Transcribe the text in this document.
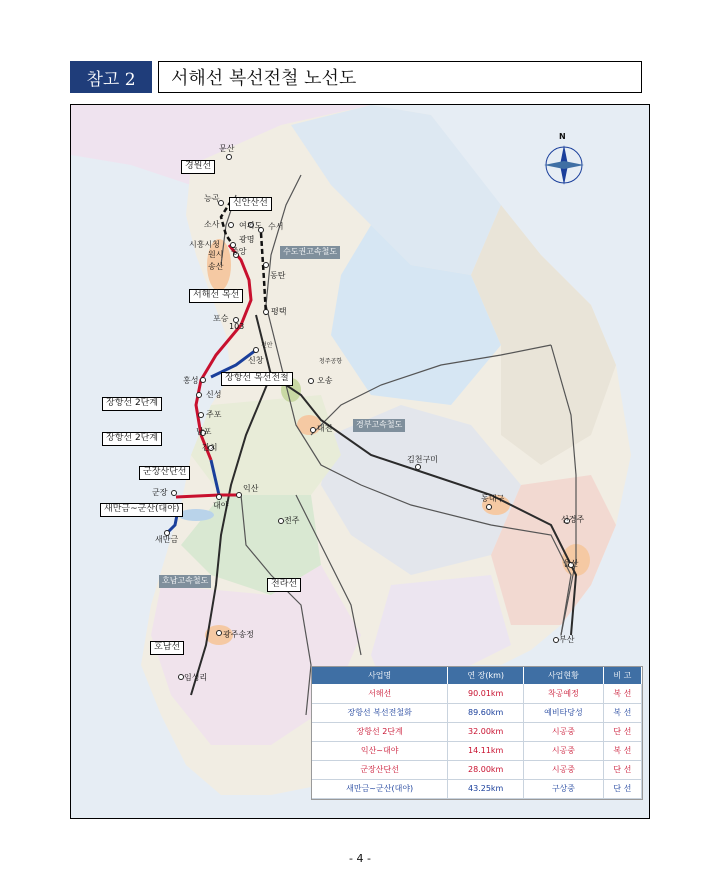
참고 2	서해선 복선전철 노선도
N
경원선
신안산선
서해선 복선
장항선 복선전철
장항선 2단계
장항선 2단계
군장산단선
새만금~군산(대야)
전라선
호남선
수도권고속철도
경부고속철도
호남고속철도
문산
능곡
소사
시흥시청
원시
송산
여의도 수서
광명
중앙
동탄
포승
103
평택
천안
신창
홍성	오송
청주공항
신성
주포
남포
간치
대전
김천구미
동대구
신경주
울산
부산
군장
대야
익산
새만금
전주
광주송정
임성리	사업명	연 장(km)	사업현황	비 고
서해선	90.01km	착공예정	복 선
장항선 복선전철화	89.60km	예비타당성	복 선
장항선 2단계	32.00km	시공중	단 선
익산~대야	14.11km	시공중	복 선
군장산단선	28.00km	시공중	단 선
새만금~군산(대야)	43.25km	구상중	단 선
- 4 -
